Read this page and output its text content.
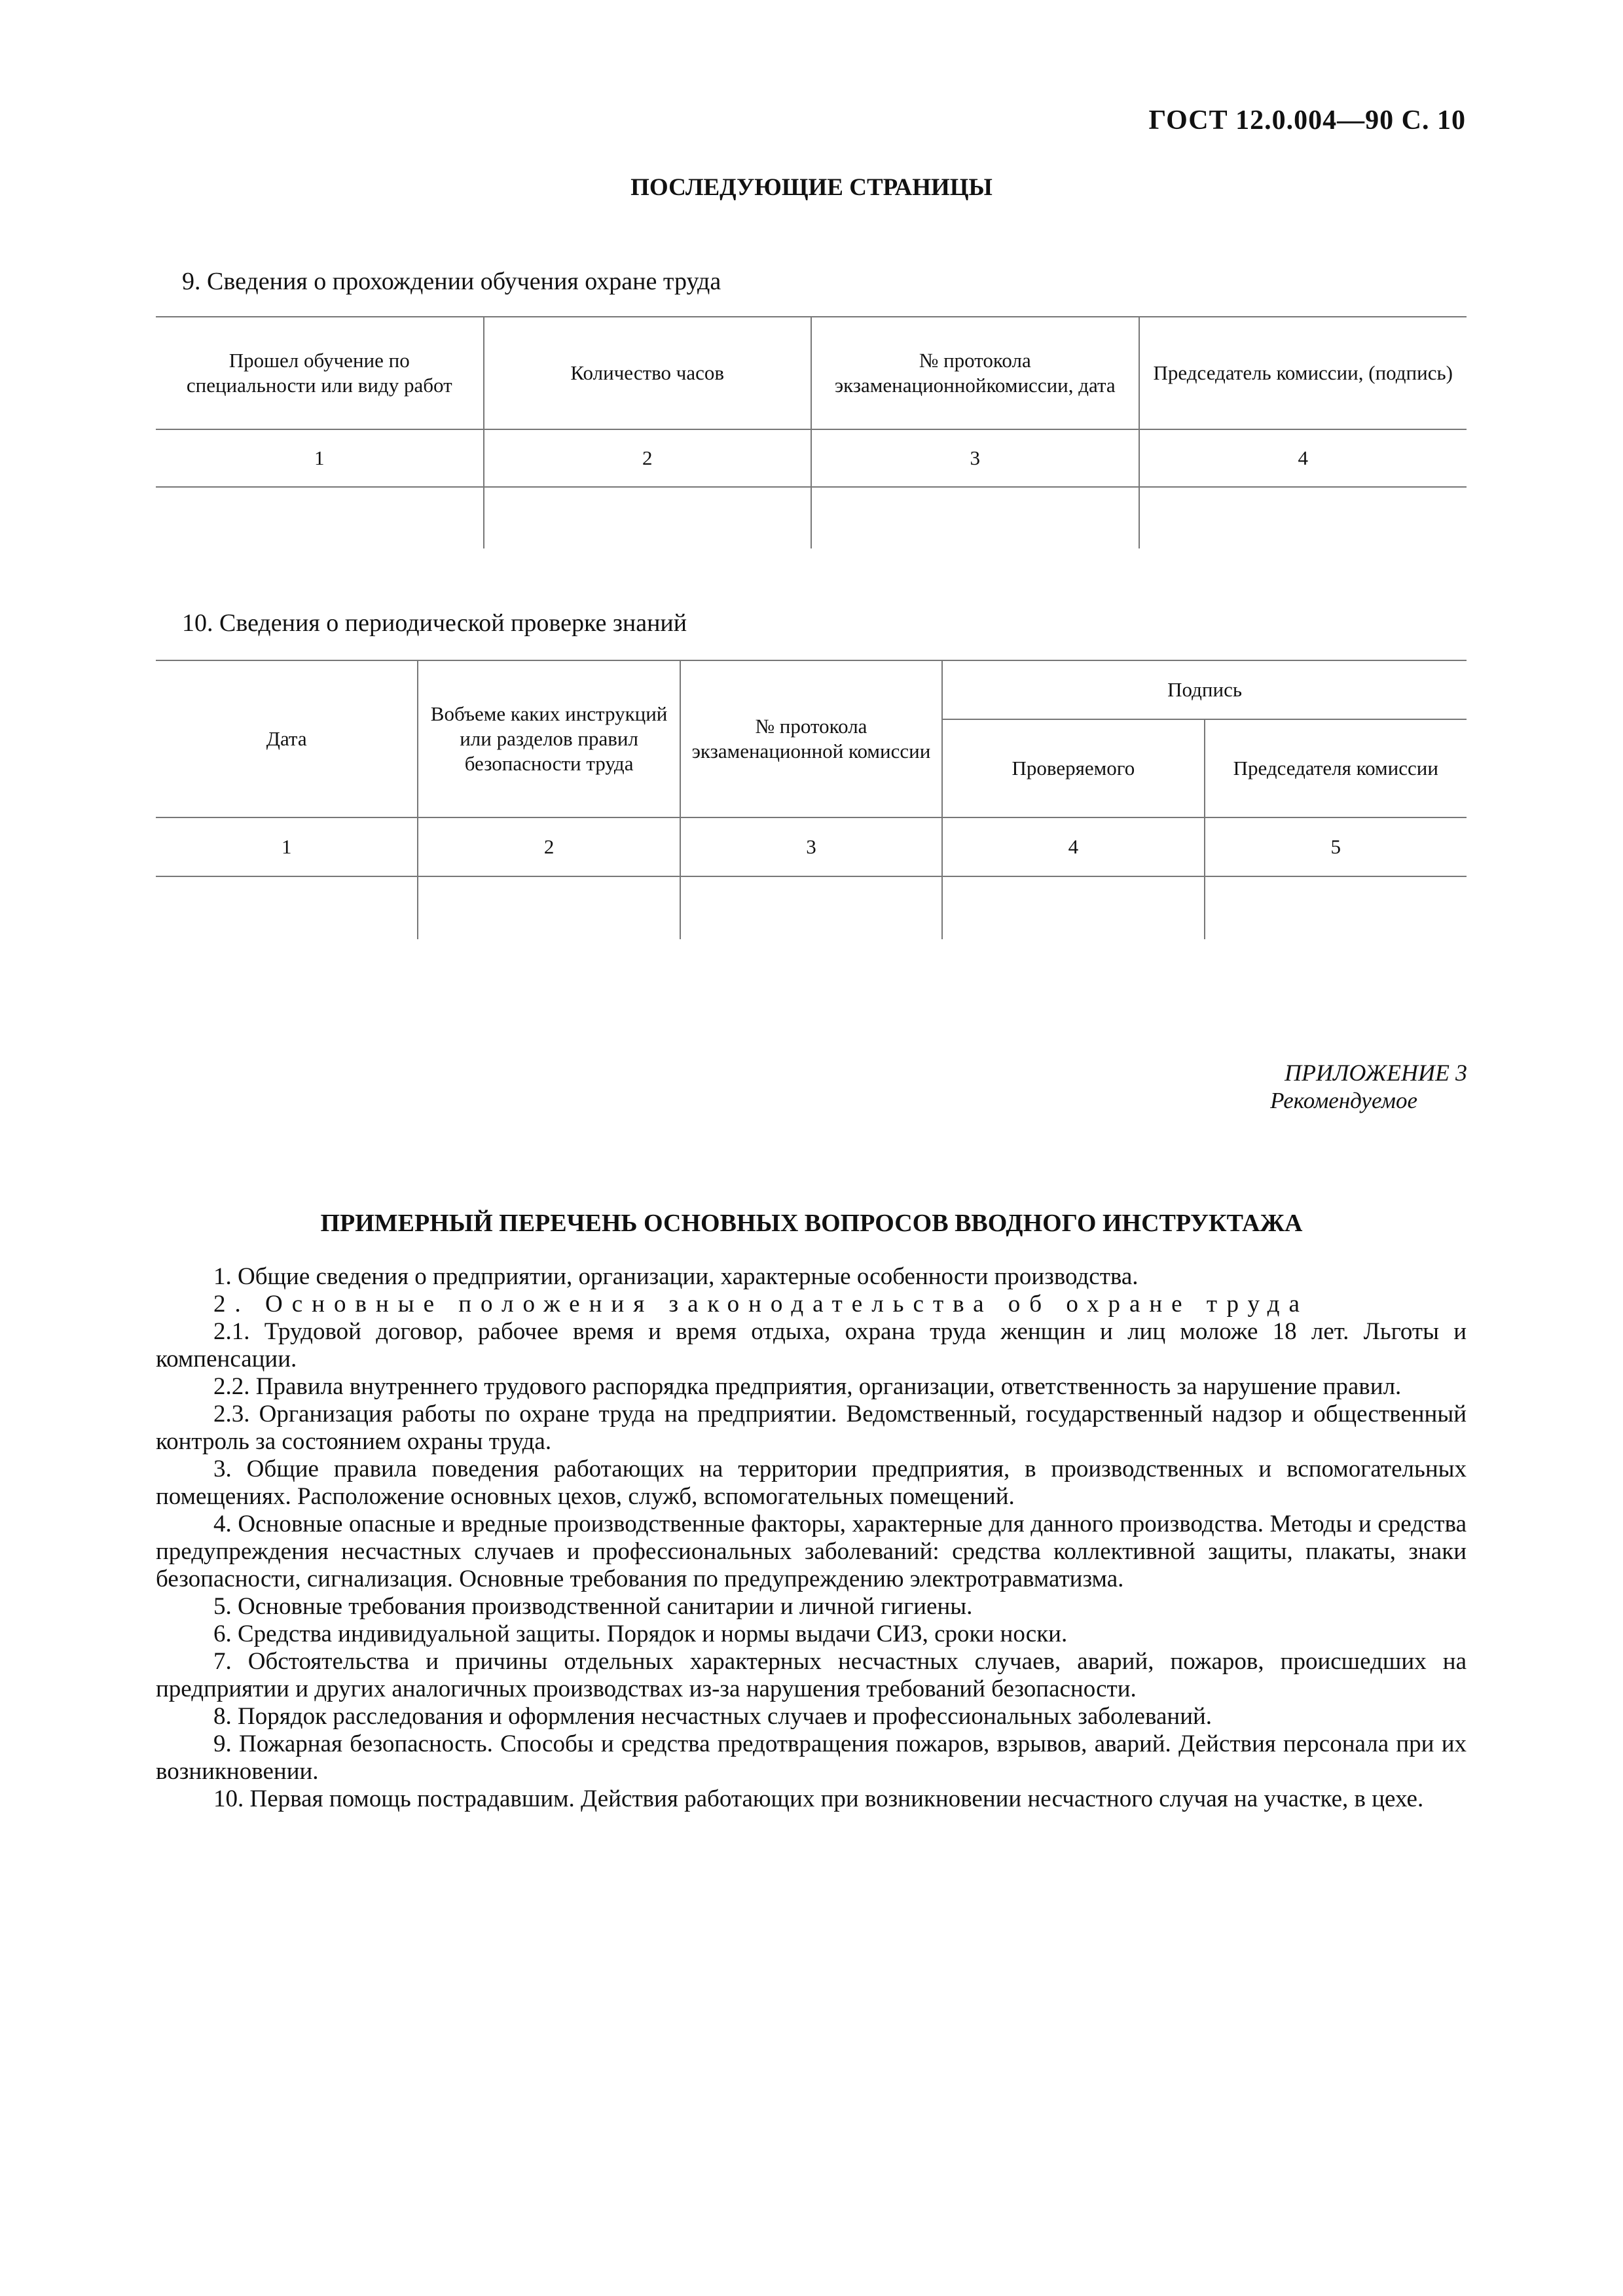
ГОСТ 12.0.004—90 С. 10
ПОСЛЕДУЮЩИЕ СТРАНИЦЫ
9. Сведения о прохождении обучения охране труда
Прошел обучение по специальности или виду работ	Количество часов	№ протокола экзаменационнойкомиссии, дата	Председатель комиссии, (подпись)
1	2	3	4

10. Сведения о периодической проверке знаний
Дата	Вобъеме каких инструкций или разделов правил безопасности труда	№ протокола экзаменационной комиссии	Подпись	
			Проверяемого	Председателя комиссии
1	2	3	4	5

ПРИЛОЖЕНИЕ 3
Рекомендуемое
ПРИМЕРНЫЙ ПЕРЕЧЕНЬ ОСНОВНЫХ ВОПРОСОВ ВВОДНОГО ИНСТРУКТАЖА

1. Общие сведения о предприятии, организации, характерные особенности производства.

2. Основные положения законодательства об охране труда

2.1. Трудовой договор, рабочее время и время отдыха, охрана труда женщин и лиц моложе 18 лет. Льготы и компенсации.

2.2. Правила внутреннего трудового распорядка предприятия, организации, ответственность за нарушение правил.

2.3. Организация работы по охране труда на предприятии. Ведомственный, государственный надзор и общественный контроль за состоянием охраны труда.

3. Общие правила поведения работающих на территории предприятия, в производственных и вспомогательных помещениях. Расположение основных цехов, служб, вспомогательных помещений.

4. Основные опасные и вредные производственные факторы, характерные для данного производства. Методы и средства предупреждения несчастных случаев и профессиональных заболеваний: средства коллективной защиты, плакаты, знаки безопасности, сигнализация. Основные требования по предупреждению электротравматизма.

5. Основные требования производственной санитарии и личной гигиены.

6. Средства индивидуальной защиты. Порядок и нормы выдачи СИЗ, сроки носки.

7. Обстоятельства и причины отдельных характерных несчастных случаев, аварий, пожаров, происшедших на предприятии и других аналогичных производствах из-за нарушения требований безопасности.

8. Порядок расследования и оформления несчастных случаев и профессиональных заболеваний.

9. Пожарная безопасность. Способы и средства предотвращения пожаров, взрывов, аварий. Действия персонала при их возникновении.

10. Первая помощь пострадавшим. Действия работающих при возникновении несчастного случая на участке, в цехе.
